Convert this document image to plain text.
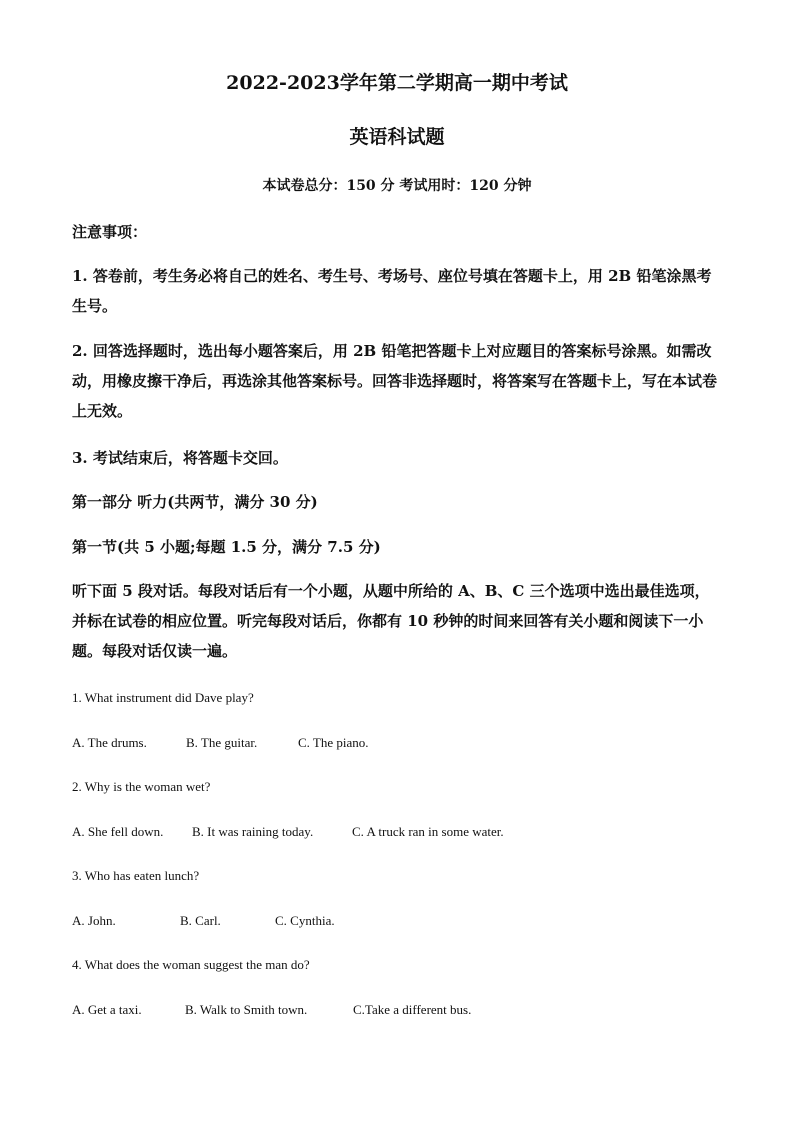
2022-2023学年第二学期高一期中考试
英语科试题

本试卷总分：150 分 考试用时：120 分钟

注意事项：

1. 答卷前，考生务必将自己的姓名、考生号、考场号、座位号填在答题卡上，用 2B 铅笔涂黑考生号。

2. 回答选择题时，选出每小题答案后，用 2B 铅笔把答题卡上对应题目的答案标号涂黑。如需改动，用橡皮擦干净后，再选涂其他答案标号。回答非选择题时，将答案写在答题卡上，写在本试卷上无效。

3. 考试结束后，将答题卡交回。

第一部分 听力(共两节，满分 30 分)

第一节(共 5 小题;每题 1.5 分，满分 7.5 分)

听下面 5 段对话。每段对话后有一个小题，从题中所给的 A、B、C 三个选项中选出最佳选项，并标在试卷的相应位置。听完每段对话后，你都有 10 秒钟的时间来回答有关小题和阅读下一小题。每段对话仅读一遍。

1. What instrument did Dave play?

A. The drums.	B. The guitar.	C. The piano.

2. Why is the woman wet?

A. She fell down. B. It was raining today.	C. A truck ran in some water.

3. Who has eaten lunch?

A. John.	B. Carl.	C. Cynthia.

4. What does the woman suggest the man do?

A. Get a taxi.	B. Walk to Smith town.	C.Take a different bus.
